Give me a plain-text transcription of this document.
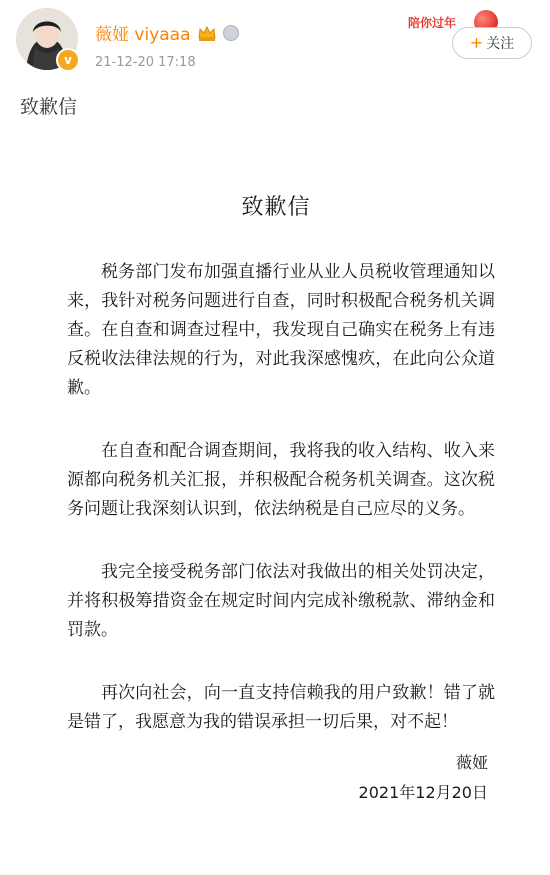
v
薇娅 viyaaa
21-12-20 17:18
陪你过年
+ 关注
致歉信
致歉信

税务部门发布加强直播行业从业人员税收管理通知以来，我针对税务问题进行自查，同时积极配合税务机关调查。在自查和调查过程中，我发现自己确实在税务上有违反税收法律法规的行为，对此我深感愧疚，在此向公众道歉。

在自查和配合调查期间，我将我的收入结构、收入来源都向税务机关汇报，并积极配合税务机关调查。这次税务问题让我深刻认识到，依法纳税是自己应尽的义务。

我完全接受税务部门依法对我做出的相关处罚决定，并将积极筹措资金在规定时间内完成补缴税款、滞纳金和罚款。

再次向社会，向一直支持信赖我的用户致歉！错了就是错了，我愿意为我的错误承担一切后果，对不起！

薇娅
2021年12月20日
